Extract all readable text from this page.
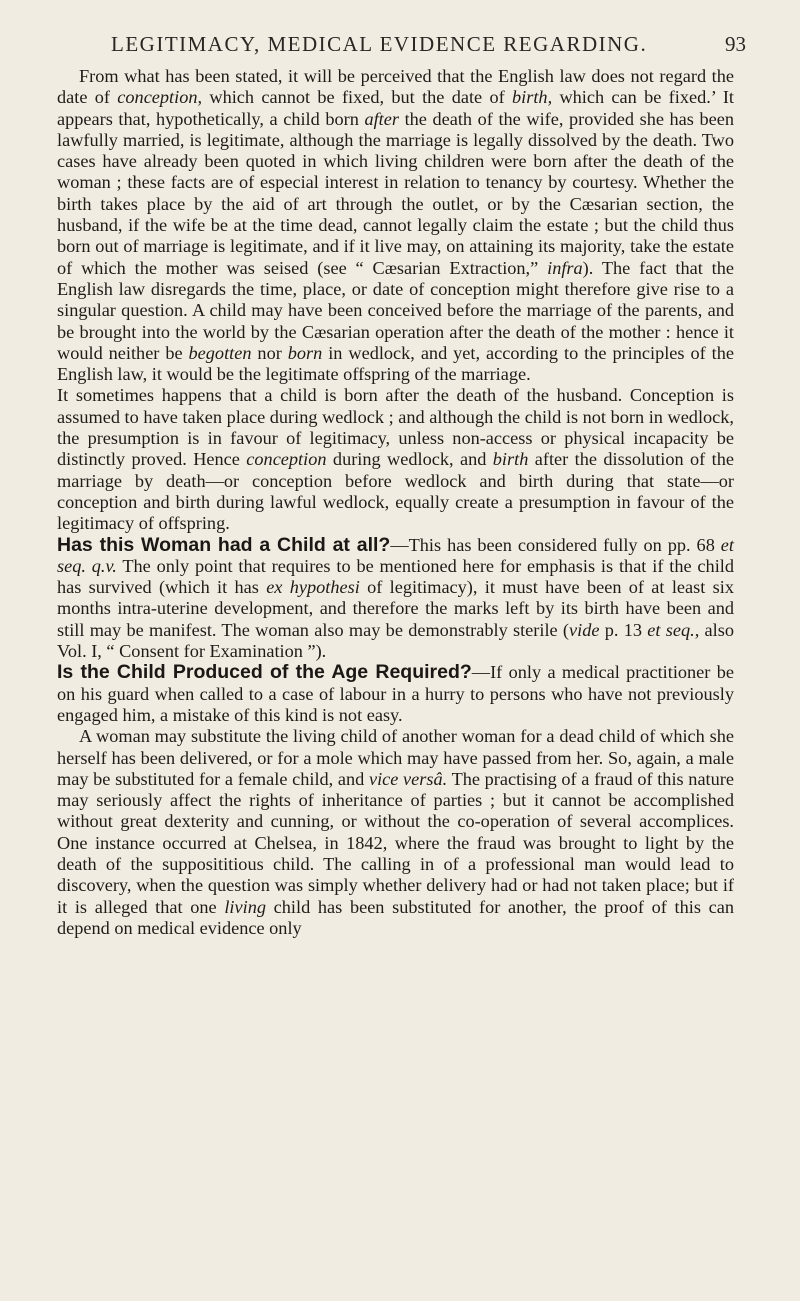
LEGITIMACY, MEDICAL EVIDENCE REGARDING.	93

From what has been stated, it will be perceived that the English law does not regard the date of conception, which cannot be fixed, but the date of birth, which can be fixed.’ It appears that, hypothetically, a child born after the death of the wife, provided she has been lawfully married, is legitimate, although the marriage is legally dissolved by the death. Two cases have already been quoted in which living children were born after the death of the woman ; these facts are of especial interest in relation to tenancy by courtesy. Whether the birth takes place by the aid of art through the outlet, or by the Cæsarian section, the husband, if the wife be at the time dead, cannot legally claim the estate ; but the child thus born out of marriage is legitimate, and if it live may, on attaining its majority, take the estate of which the mother was seised (see “ Cæsarian Extraction,” infra). The fact that the English law disregards the time, place, or date of conception might therefore give rise to a singular question. A child may have been conceived before the marriage of the parents, and be brought into the world by the Cæsarian operation after the death of the mother : hence it would neither be begotten nor born in wedlock, and yet, according to the principles of the English law, it would be the legitimate offspring of the marriage.

It sometimes happens that a child is born after the death of the husband. Conception is assumed to have taken place during wedlock ; and although the child is not born in wedlock, the presumption is in favour of legitimacy, unless non-access or physical incapacity be distinctly proved. Hence conception during wedlock, and birth after the dissolution of the marriage by death—or conception before wedlock and birth during that state—or conception and birth during lawful wedlock, equally create a presumption in favour of the legitimacy of offspring.

Has this Woman had a Child at all?—This has been considered fully on pp. 68 et seq. q.v. The only point that requires to be mentioned here for emphasis is that if the child has survived (which it has ex hypothesi of legitimacy), it must have been of at least six months intra-uterine development, and therefore the marks left by its birth have been and still may be manifest. The woman also may be demonstrably sterile (vide p. 13 et seq., also Vol. I, “ Consent for Examination ”).

Is the Child Produced of the Age Required?—If only a medical practitioner be on his guard when called to a case of labour in a hurry to persons who have not previously engaged him, a mistake of this kind is not easy.

A woman may substitute the living child of another woman for a dead child of which she herself has been delivered, or for a mole which may have passed from her. So, again, a male may be substituted for a female child, and vice versâ. The practising of a fraud of this nature may seriously affect the rights of inheritance of parties ; but it cannot be accomplished without great dexterity and cunning, or without the co-operation of several accomplices. One instance occurred at Chelsea, in 1842, where the fraud was brought to light by the death of the supposititious child. The calling in of a professional man would lead to discovery, when the question was simply whether delivery had or had not taken place; but if it is alleged that one living child has been substituted for another, the proof of this can depend on medical evidence only
